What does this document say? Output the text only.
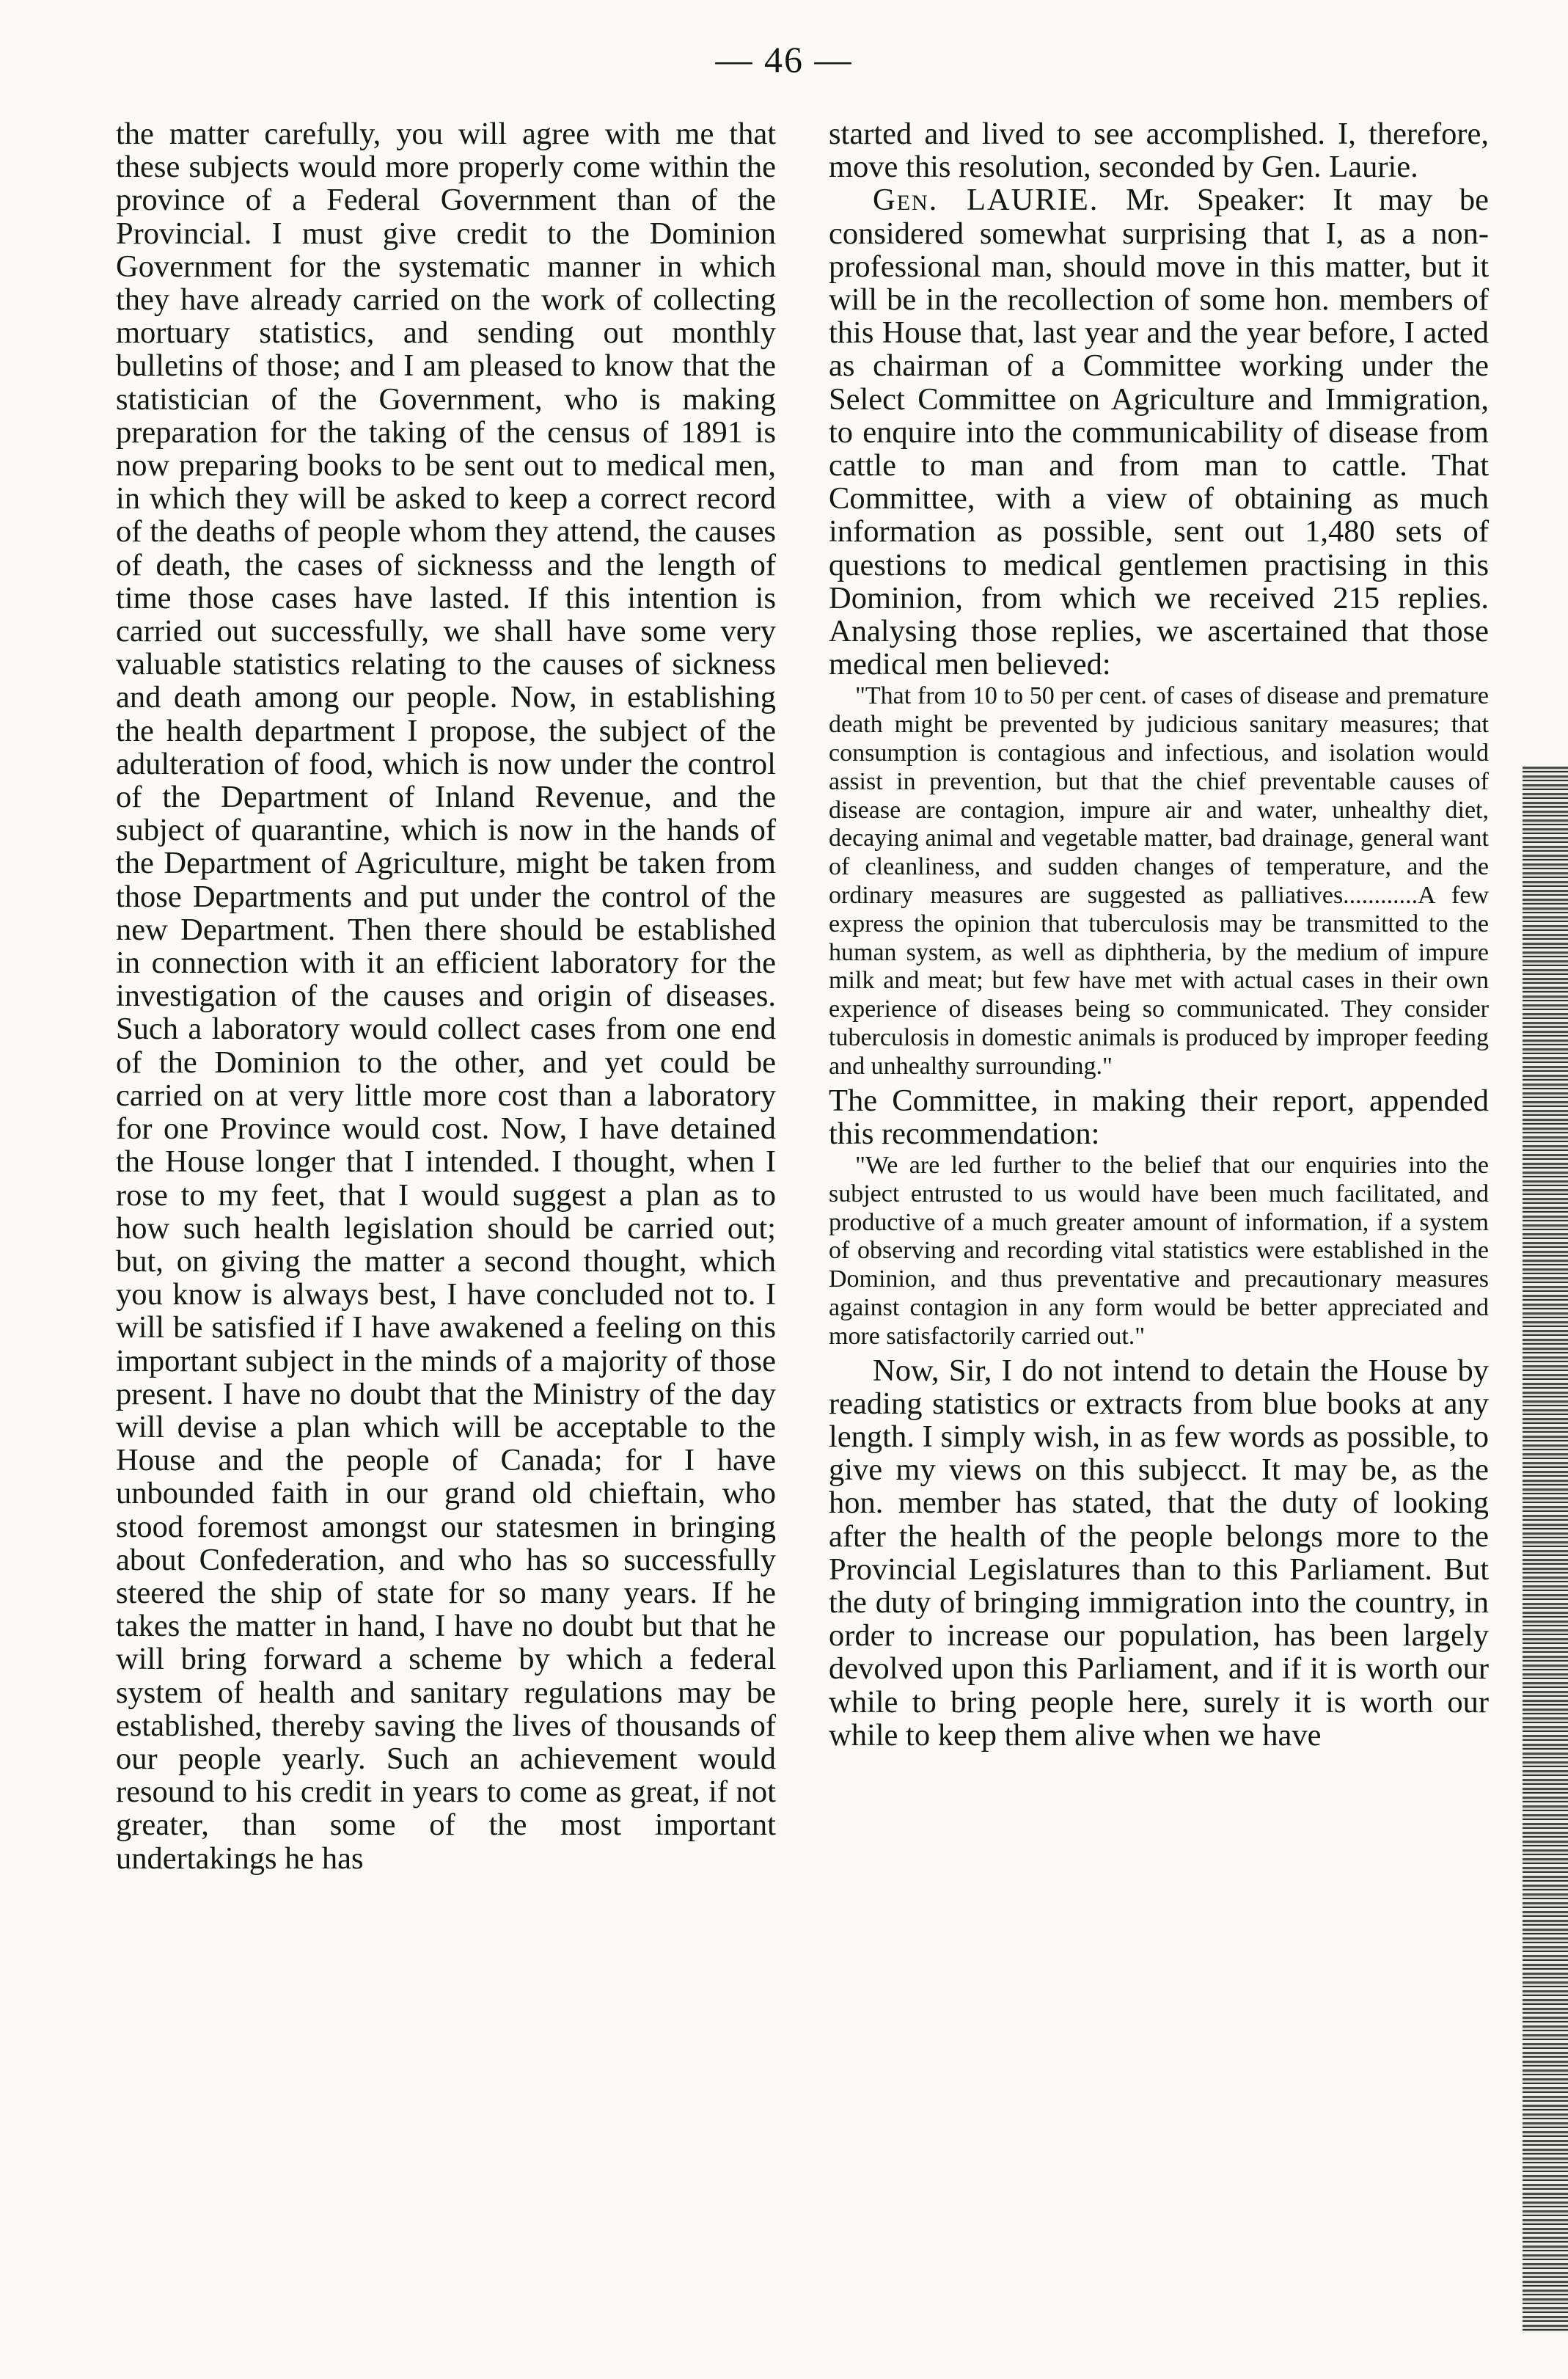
— 46 —

the matter carefully, you will agree with me that these subjects would more properly come within the province of a Federal Government than of the Provincial. I must give credit to the Dominion Government for the systematic manner in which they have already carried on the work of collecting mortuary statistics, and sending out monthly bulletins of those; and I am pleased to know that the statistician of the Government, who is making preparation for the taking of the census of 1891 is now preparing books to be sent out to medical men, in which they will be asked to keep a correct record of the deaths of people whom they attend, the causes of death, the cases of sicknesss and the length of time those cases have lasted. If this intention is carried out successfully, we shall have some very valuable statistics relating to the causes of sickness and death among our people. Now, in establishing the health department I propose, the subject of the adulteration of food, which is now under the control of the Department of Inland Revenue, and the subject of quarantine, which is now in the hands of the Department of Agriculture, might be taken from those Departments and put under the control of the new Department. Then there should be established in connection with it an efficient laboratory for the investigation of the causes and origin of diseases. Such a laboratory would collect cases from one end of the Dominion to the other, and yet could be carried on at very little more cost than a laboratory for one Province would cost. Now, I have detained the House longer that I intended. I thought, when I rose to my feet, that I would suggest a plan as to how such health legislation should be carried out; but, on giving the matter a second thought, which you know is always best, I have concluded not to. I will be satisfied if I have awakened a feeling on this important subject in the minds of a majority of those present. I have no doubt that the Ministry of the day will devise a plan which will be acceptable to the House and the people of Canada; for I have unbounded faith in our grand old chieftain, who stood foremost amongst our statesmen in bringing about Confederation, and who has so successfully steered the ship of state for so many years. If he takes the matter in hand, I have no doubt but that he will bring forward a scheme by which a federal system of health and sanitary regulations may be established, thereby saving the lives of thousands of our people yearly. Such an achievement would resound to his credit in years to come as great, if not greater, than some of the most important undertakings he has

started and lived to see accomplished. I, therefore, move this resolution, seconded by Gen. Laurie.

Gen. LAURIE. Mr. Speaker: It may be considered somewhat surprising that I, as a non-professional man, should move in this matter, but it will be in the recollection of some hon. members of this House that, last year and the year before, I acted as chairman of a Committee working under the Select Committee on Agriculture and Immigration, to enquire into the communicability of disease from cattle to man and from man to cattle. That Committee, with a view of obtaining as much information as possible, sent out 1,480 sets of questions to medical gentlemen practising in this Dominion, from which we received 215 replies. Analysing those replies, we ascertained that those medical men believed:

"That from 10 to 50 per cent. of cases of disease and premature death might be prevented by judicious sanitary measures; that consumption is contagious and infectious, and isolation would assist in prevention, but that the chief preventable causes of disease are contagion, impure air and water, unhealthy diet, decaying animal and vegetable matter, bad drainage, general want of cleanliness, and sudden changes of temperature, and the ordinary measures are suggested as palliatives............A few express the opinion that tuberculosis may be transmitted to the human system, as well as diphtheria, by the medium of impure milk and meat; but few have met with actual cases in their own experience of diseases being so communicated. They consider tuberculosis in domestic animals is produced by improper feeding and unhealthy surrounding."

The Committee, in making their report, appended this recommendation:

"We are led further to the belief that our enquiries into the subject entrusted to us would have been much facilitated, and productive of a much greater amount of information, if a system of observing and recording vital statistics were established in the Dominion, and thus preventative and precautionary measures against contagion in any form would be better appreciated and more satisfactorily carried out."

Now, Sir, I do not intend to detain the House by reading statistics or extracts from blue books at any length. I simply wish, in as few words as possible, to give my views on this subjecct. It may be, as the hon. member has stated, that the duty of looking after the health of the people belongs more to the Provincial Legislatures than to this Parliament. But the duty of bringing immigration into the country, in order to increase our population, has been largely devolved upon this Parliament, and if it is worth our while to bring people here, surely it is worth our while to keep them alive when we have
